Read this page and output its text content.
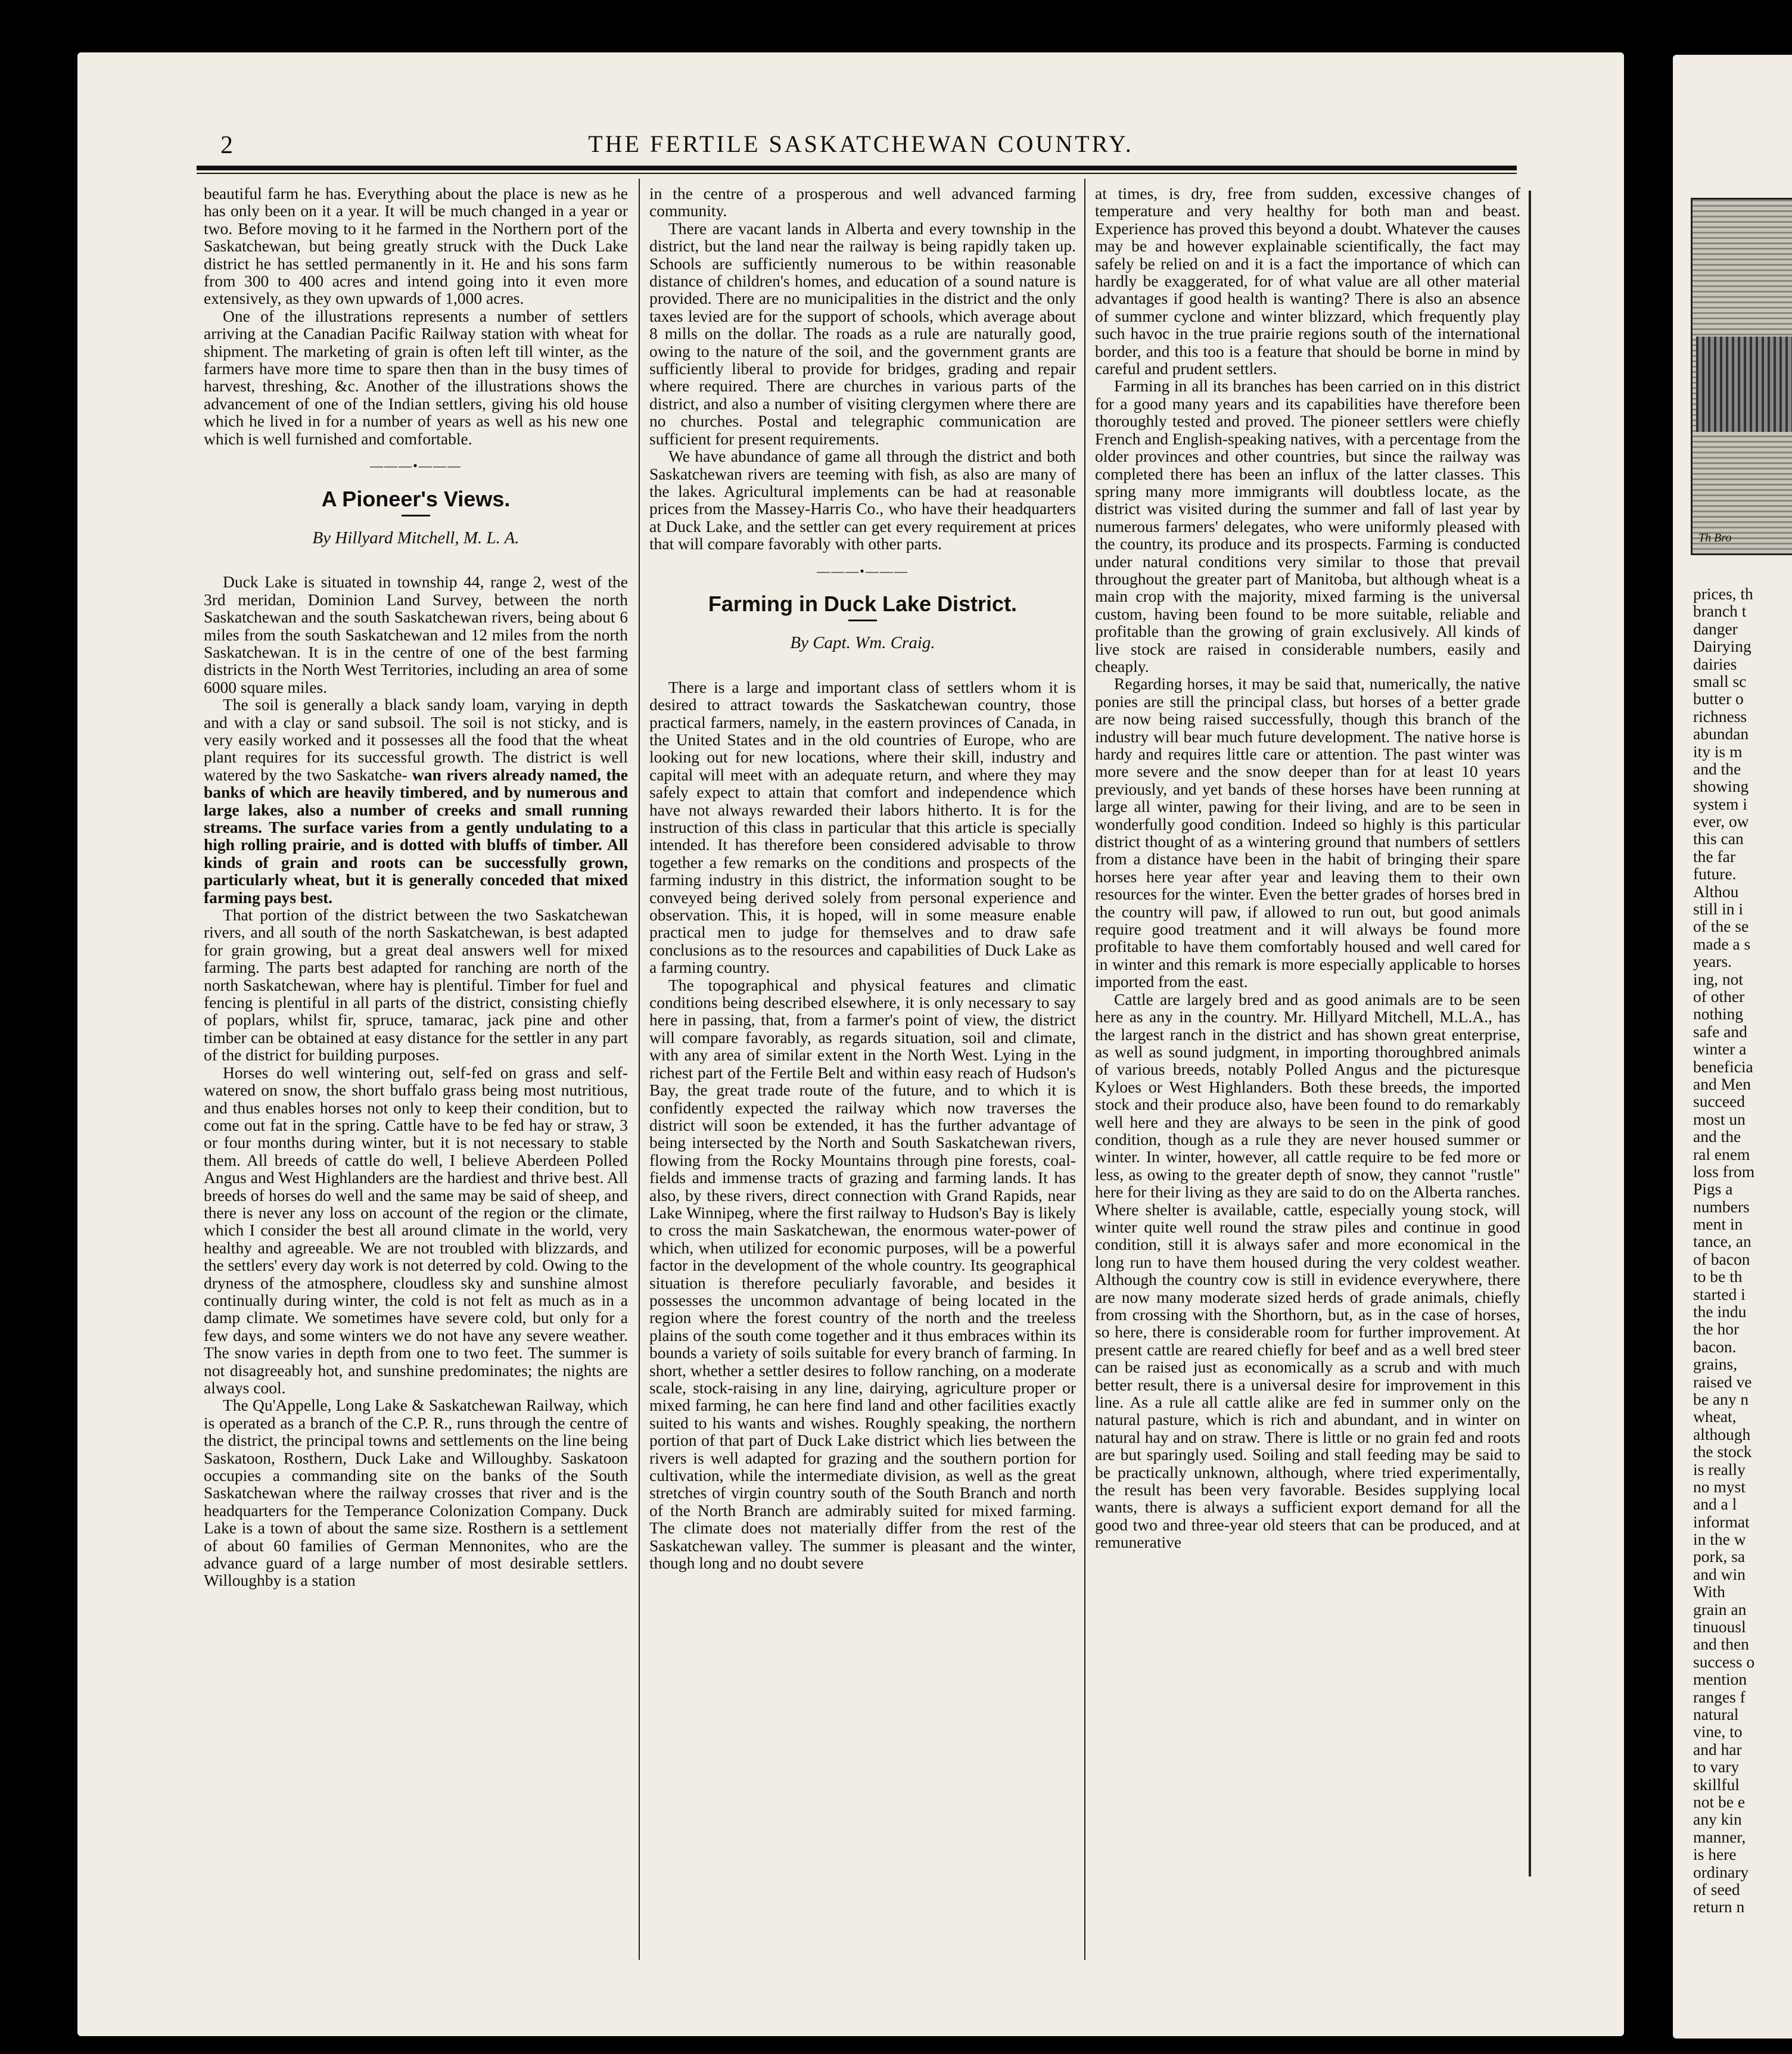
2	THE FERTILE SASKATCHEWAN COUNTRY.

beautiful farm he has. Everything about the place is new as he has only been on it a year. It will be much changed in a year or two. Before moving to it he farmed in the Northern port of the Saskatchewan, but being greatly struck with the Duck Lake district he has settled permanently in it. He and his sons farm from 300 to 400 acres and intend going into it even more extensively, as they own upwards of 1,000 acres.

One of the illustrations represents a number of settlers arriving at the Canadian Pacific Railway station with wheat for shipment. The marketing of grain is often left till winter, as the farmers have more time to spare then than in the busy times of harvest, threshing, &c. Another of the illustrations shows the advancement of one of the Indian settlers, giving his old house which he lived in for a number of years as well as his new one which is well furnished and comfortable.

———•———
A Pioneer's Views.
By Hillyard Mitchell, M. L. A.

Duck Lake is situated in township 44, range 2, west of the 3rd meridan, Dominion Land Survey, between the north Saskatchewan and the south Saskatchewan rivers, being about 6 miles from the south Saskatchewan and 12 miles from the north Saskatchewan. It is in the centre of one of the best farming districts in the North West Territories, including an area of some 6000 square miles.

The soil is generally a black sandy loam, varying in depth and with a clay or sand subsoil. The soil is not sticky, and is very easily worked and it possesses all the food that the wheat plant requires for its successful growth. The district is well watered by the two Saskatche- wan rivers already named, the banks of which are heavily timbered, and by numerous and large lakes, also a number of creeks and small running streams. The surface varies from a gently undulating to a high rolling prairie, and is dotted with bluffs of timber. All kinds of grain and roots can be successfully grown, particularly wheat, but it is generally conceded that mixed farming pays best.

That portion of the district between the two Saskatchewan rivers, and all south of the north Saskatchewan, is best adapted for grain growing, but a great deal answers well for mixed farming. The parts best adapted for ranching are north of the north Saskatchewan, where hay is plentiful. Timber for fuel and fencing is plentiful in all parts of the district, consisting chiefly of poplars, whilst fir, spruce, tamarac, jack pine and other timber can be obtained at easy distance for the settler in any part of the district for building purposes.

Horses do well wintering out, self-fed on grass and self-watered on snow, the short buffalo grass being most nutritious, and thus enables horses not only to keep their condition, but to come out fat in the spring. Cattle have to be fed hay or straw, 3 or four months during winter, but it is not necessary to stable them. All breeds of cattle do well, I believe Aberdeen Polled Angus and West Highlanders are the hardiest and thrive best. All breeds of horses do well and the same may be said of sheep, and there is never any loss on account of the region or the climate, which I consider the best all around climate in the world, very healthy and agreeable. We are not troubled with blizzards, and the settlers' every day work is not deterred by cold. Owing to the dryness of the atmosphere, cloudless sky and sunshine almost continually during winter, the cold is not felt as much as in a damp climate. We sometimes have severe cold, but only for a few days, and some winters we do not have any severe weather. The snow varies in depth from one to two feet. The summer is not disagreeably hot, and sunshine predominates; the nights are always cool.

The Qu'Appelle, Long Lake & Saskatchewan Railway, which is operated as a branch of the C.P. R., runs through the centre of the district, the principal towns and settlements on the line being Saskatoon, Rosthern, Duck Lake and Willoughby. Saskatoon occupies a commanding site on the banks of the South Saskatchewan where the railway crosses that river and is the headquarters for the Temperance Colonization Company. Duck Lake is a town of about the same size. Rosthern is a settlement of about 60 families of German Mennonites, who are the advance guard of a large number of most desirable settlers. Willoughby is a station

in the centre of a prosperous and well advanced farming community.

There are vacant lands in Alberta and every township in the district, but the land near the railway is being rapidly taken up. Schools are sufficiently numerous to be within reasonable distance of children's homes, and education of a sound nature is provided. There are no municipalities in the district and the only taxes levied are for the support of schools, which average about 8 mills on the dollar. The roads as a rule are naturally good, owing to the nature of the soil, and the government grants are sufficiently liberal to provide for bridges, grading and repair where required. There are churches in various parts of the district, and also a number of visiting clergymen where there are no churches. Postal and telegraphic communication are sufficient for present requirements.

We have abundance of game all through the district and both Saskatchewan rivers are teeming with fish, as also are many of the lakes. Agricultural implements can be had at reasonable prices from the Massey-Harris Co., who have their headquarters at Duck Lake, and the settler can get every requirement at prices that will compare favorably with other parts.

———•———
Farming in Duck Lake District.
By Capt. Wm. Craig.

There is a large and important class of settlers whom it is desired to attract towards the Saskatchewan country, those practical farmers, namely, in the eastern provinces of Canada, in the United States and in the old countries of Europe, who are looking out for new locations, where their skill, industry and capital will meet with an adequate return, and where they may safely expect to attain that comfort and independence which have not always rewarded their labors hitherto. It is for the instruction of this class in particular that this article is specially intended. It has therefore been considered advisable to throw together a few remarks on the conditions and prospects of the farming industry in this district, the information sought to be conveyed being derived solely from personal experience and observation. This, it is hoped, will in some measure enable practical men to judge for themselves and to draw safe conclusions as to the resources and capabilities of Duck Lake as a farming country.

The topographical and physical features and climatic conditions being described elsewhere, it is only necessary to say here in passing, that, from a farmer's point of view, the district will compare favorably, as regards situation, soil and climate, with any area of similar extent in the North West. Lying in the richest part of the Fertile Belt and within easy reach of Hudson's Bay, the great trade route of the future, and to which it is confidently expected the railway which now traverses the district will soon be extended, it has the further advantage of being intersected by the North and South Saskatchewan rivers, flowing from the Rocky Mountains through pine forests, coal-fields and immense tracts of grazing and farming lands. It has also, by these rivers, direct connection with Grand Rapids, near Lake Winnipeg, where the first railway to Hudson's Bay is likely to cross the main Saskatchewan, the enormous water-power of which, when utilized for economic purposes, will be a powerful factor in the development of the whole country. Its geographical situation is therefore peculiarly favorable, and besides it possesses the uncommon advantage of being located in the region where the forest country of the north and the treeless plains of the south come together and it thus embraces within its bounds a variety of soils suitable for every branch of farming. In short, whether a settler desires to follow ranching, on a moderate scale, stock-raising in any line, dairying, agriculture proper or mixed farming, he can here find land and other facilities exactly suited to his wants and wishes. Roughly speaking, the northern portion of that part of Duck Lake district which lies between the rivers is well adapted for grazing and the southern portion for cultivation, while the intermediate division, as well as the great stretches of virgin country south of the South Branch and north of the North Branch are admirably suited for mixed farming. The climate does not materially differ from the rest of the Saskatchewan valley. The summer is pleasant and the winter, though long and no doubt severe

at times, is dry, free from sudden, excessive changes of temperature and very healthy for both man and beast. Experience has proved this beyond a doubt. Whatever the causes may be and however explainable scientifically, the fact may safely be relied on and it is a fact the importance of which can hardly be exaggerated, for of what value are all other material advantages if good health is wanting? There is also an absence of summer cyclone and winter blizzard, which frequently play such havoc in the true prairie regions south of the international border, and this too is a feature that should be borne in mind by careful and prudent settlers.

Farming in all its branches has been carried on in this district for a good many years and its capabilities have therefore been thoroughly tested and proved. The pioneer settlers were chiefly French and English-speaking natives, with a percentage from the older provinces and other countries, but since the railway was completed there has been an influx of the latter classes. This spring many more immigrants will doubtless locate, as the district was visited during the summer and fall of last year by numerous farmers' delegates, who were uniformly pleased with the country, its produce and its prospects. Farming is conducted under natural conditions very similar to those that prevail throughout the greater part of Manitoba, but although wheat is a main crop with the majority, mixed farming is the universal custom, having been found to be more suitable, reliable and profitable than the growing of grain exclusively. All kinds of live stock are raised in considerable numbers, easily and cheaply.

Regarding horses, it may be said that, numerically, the native ponies are still the principal class, but horses of a better grade are now being raised successfully, though this branch of the industry will bear much future development. The native horse is hardy and requires little care or attention. The past winter was more severe and the snow deeper than for at least 10 years previously, and yet bands of these horses have been running at large all winter, pawing for their living, and are to be seen in wonderfully good condition. Indeed so highly is this particular district thought of as a wintering ground that numbers of settlers from a distance have been in the habit of bringing their spare horses here year after year and leaving them to their own resources for the winter. Even the better grades of horses bred in the country will paw, if allowed to run out, but good animals require good treatment and it will always be found more profitable to have them comfortably housed and well cared for in winter and this remark is more especially applicable to horses imported from the east.

Cattle are largely bred and as good animals are to be seen here as any in the country. Mr. Hillyard Mitchell, M.L.A., has the largest ranch in the district and has shown great enterprise, as well as sound judgment, in importing thoroughbred animals of various breeds, notably Polled Angus and the picturesque Kyloes or West Highlanders. Both these breeds, the imported stock and their produce also, have been found to do remarkably well here and they are always to be seen in the pink of good condition, though as a rule they are never housed summer or winter. In winter, however, all cattle require to be fed more or less, as owing to the greater depth of snow, they cannot "rustle" here for their living as they are said to do on the Alberta ranches. Where shelter is available, cattle, especially young stock, will winter quite well round the straw piles and continue in good condition, still it is always safer and more economical in the long run to have them housed during the very coldest weather. Although the country cow is still in evidence everywhere, there are now many moderate sized herds of grade animals, chiefly from crossing with the Shorthorn, but, as in the case of horses, so here, there is considerable room for further improvement. At present cattle are reared chiefly for beef and as a well bred steer can be raised just as economically as a scrub and with much better result, there is a universal desire for improvement in this line. As a rule all cattle alike are fed in summer only on the natural pasture, which is rich and abundant, and in winter on natural hay and on straw. There is little or no grain fed and roots are but sparingly used. Soiling and stall feeding may be said to be practically unknown, although, where tried experimentally, the result has been very favorable. Besides supplying local wants, there is always a sufficient export demand for all the good two and three-year old steers that can be produced, and at remunerative

Th Bro
prices, th
branch t
danger
Dairying
dairies
small sc
butter o
richness
abundan
ity is m
and the
showing
system i
ever, ow
this can
the far
future.
Althou
still in i
of the se
made a s
years.
ing, not
of other
nothing
safe and
winter a
beneficia
and Men
succeed
most un
and the
ral enem
loss from
Pigs a
numbers
ment in
tance, an
of bacon
to be th
started i
the indu
the hor
bacon.
grains,
raised ve
be any n
wheat,
although
the stock
is really
no myst
and a l
informat
in the w
pork, sa
and win
With
grain an
tinuousl
and then
success o
mention
ranges f
natural
vine, to
and har
to vary
skillful
not be e
any kin
manner,
is here
ordinary
of seed
return n
